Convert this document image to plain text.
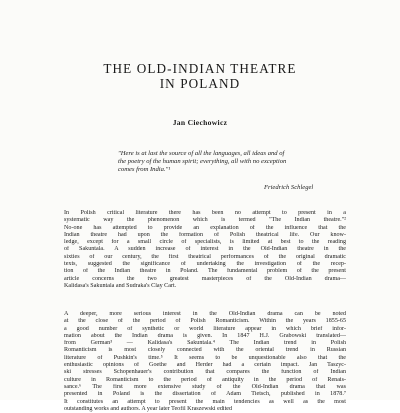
THE OLD-INDIAN THEATRE
IN POLAND
Jan Ciechowicz
"Here is at last the source of all the languages, all ideas and of
the poetry of the human spirit; everything, all with no exception
comes from India."¹
Friedrich Schlegel

In Polish critical literature there has been no attempt to present in a
systematic way the phenomenon which is termed "The Indian theatre."²
No-one has attempted to provide an explanation of the influence that the
Indian theatre had upon the formation of Polish theatrical life. Our know-
ledge, except for a small circle of specialists, is limited at best to the reading
of Śakuntala. A sudden increase of interest in the Old-Indian theatre in the
sixties of our century, the first theatrical performances of the original dramatic
texts, suggested the significance of undertaking the investigation of the recep-
tion of the Indian theatre in Poland. The fundamental problem of the present
article concerns the two greatest masterpieces of the Old-Indian drama—
Kalidasa's Śakuntala and Sudraka's Clay Cart.

A deeper, more serious interest in the Old-Indian drama can be noted
at the close of the period of Polish Romanticism. Within the years 1855-65
a good number of synthetic or world literature appear in which brief infor-
mation about the Indian drama is given. In 1847 H.J. Grabowski translated—
from German³ — Kalidasa's Śakuntala.⁴ The Indian trend in Polish
Romanticism is most closely connected with the oriental trend in Russian
literature of Pushkin's time.⁵ It seems to be unquestionable also that the
enthusiastic opinions of Goethe and Herder had a certain impact. Jan Taszyc-
ski stresses Schopenhauer's contribution that compares the function of Indian
culture in Romanticism to the period of antiquity in the period of Renais-
sance.⁶ The first more extensive study of the Old-Indian drama that was
presented in Poland is the dissertation of Adam Tietsch, published in 1878.⁷
It constitutes an attempt to present the main tendencies as well as the most
outstanding works and authors. A year later Teofil Kraszewski edited
